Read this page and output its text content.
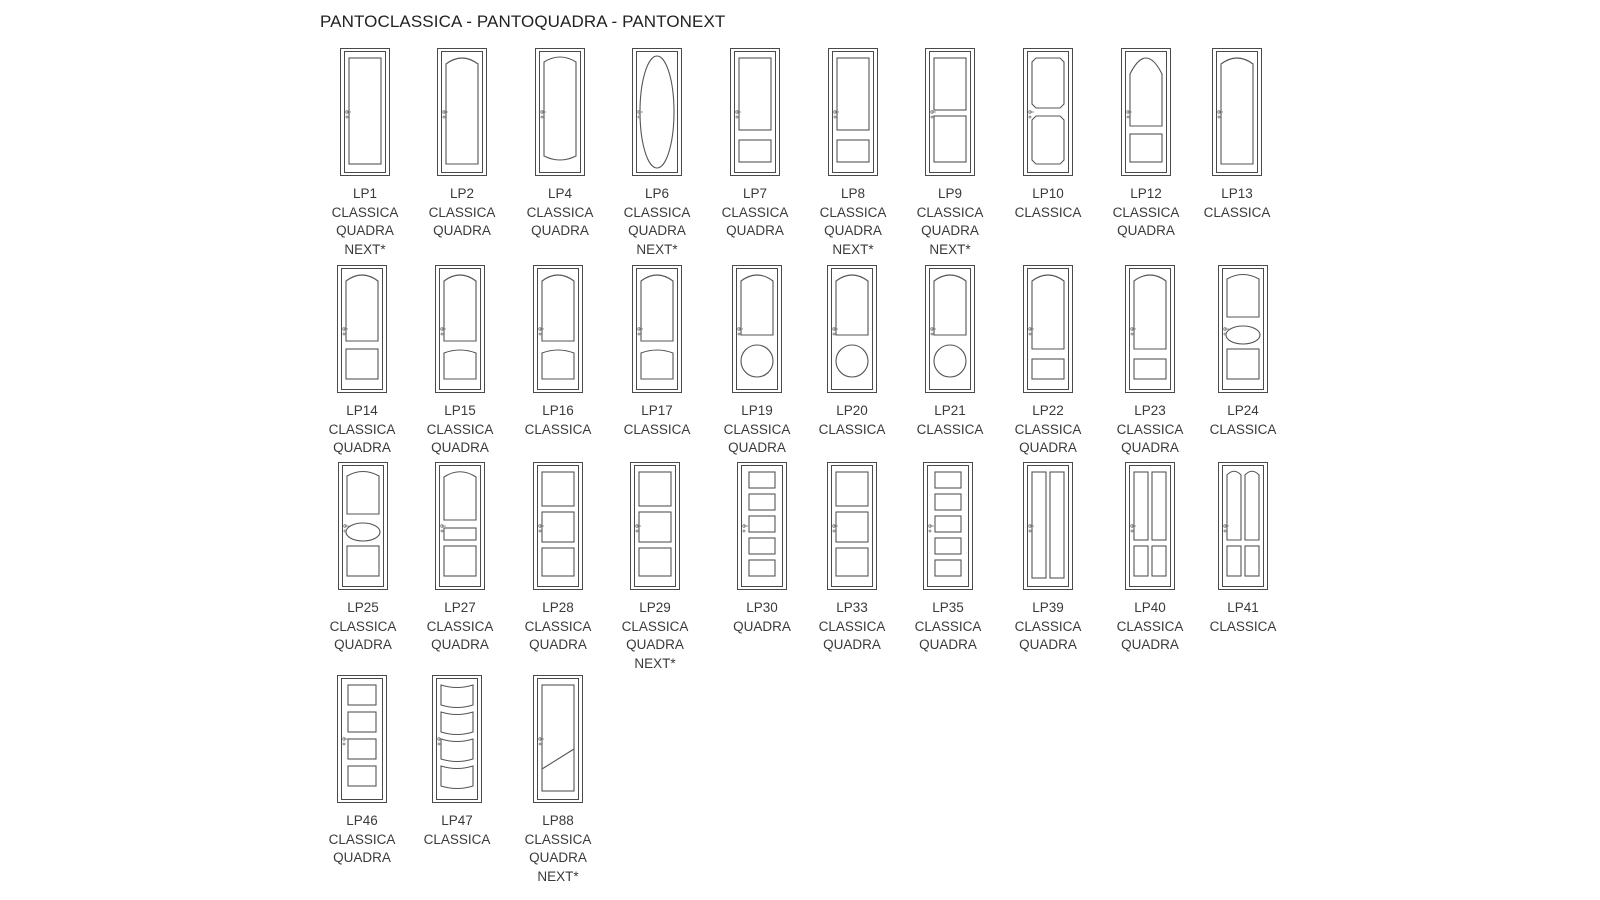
PANTOCLASSICA - PANTOQUADRA - PANTONEXT
LP1
CLASSICA
QUADRA
NEXT*
LP2
CLASSICA
QUADRA
LP4
CLASSICA
QUADRA
LP6
CLASSICA
QUADRA
NEXT*
LP7
CLASSICA
QUADRA
LP8
CLASSICA
QUADRA
NEXT*
LP9
CLASSICA
QUADRA
NEXT*
LP10
CLASSICA
LP12
CLASSICA
QUADRA
LP13
CLASSICA
LP14
CLASSICA
QUADRA
LP15
CLASSICA
QUADRA
LP16
CLASSICA
LP17
CLASSICA
LP19
CLASSICA
QUADRA
LP20
CLASSICA
LP21
CLASSICA
LP22
CLASSICA
QUADRA
LP23
CLASSICA
QUADRA
LP24
CLASSICA
LP25
CLASSICA
QUADRA
LP27
CLASSICA
QUADRA
LP28
CLASSICA
QUADRA
LP29
CLASSICA
QUADRA
NEXT*
LP30
QUADRA
LP33
CLASSICA
QUADRA
LP35
CLASSICA
QUADRA
LP39
CLASSICA
QUADRA
LP40
CLASSICA
QUADRA
LP41
CLASSICA
LP46
CLASSICA
QUADRA
LP47
CLASSICA
LP88
CLASSICA
QUADRA
NEXT*
